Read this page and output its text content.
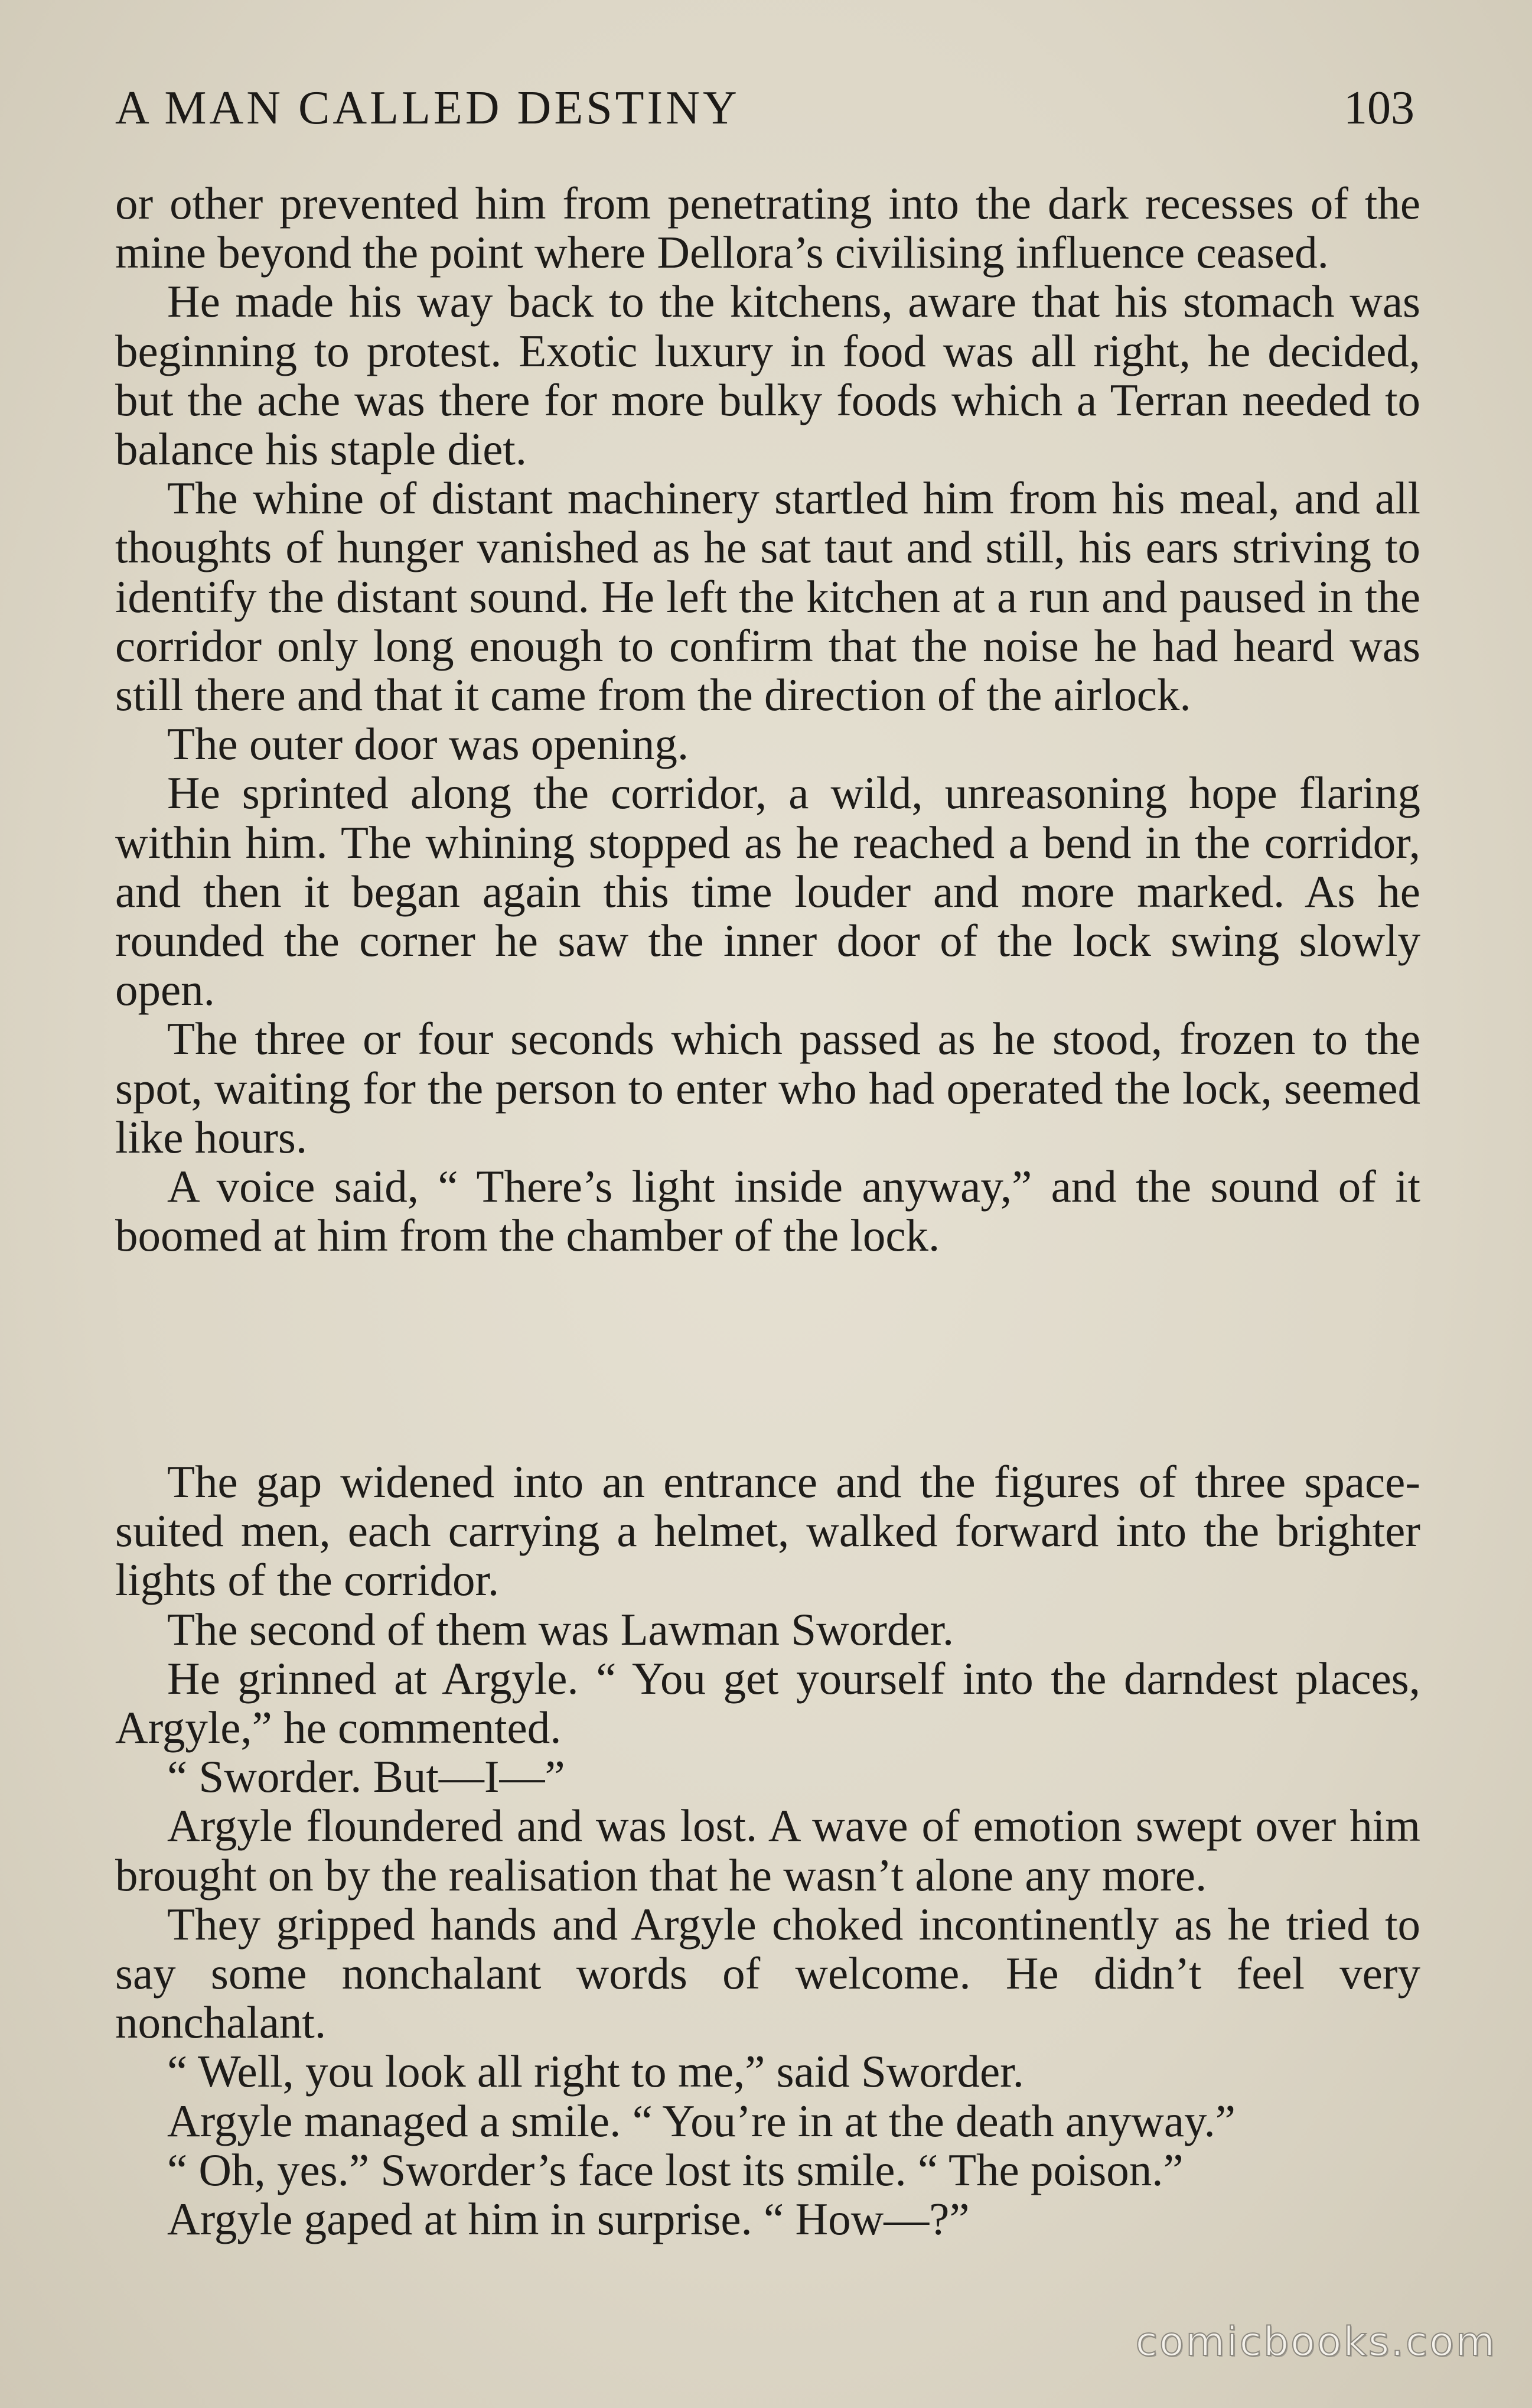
A MAN CALLED DESTINY	103

or other prevented him from penetrating into the dark recesses of the mine beyond the point where Dellora’s civilising influence ceased.

He made his way back to the kitchens, aware that his stomach was beginning to protest. Exotic luxury in food was all right, he decided, but the ache was there for more bulky foods which a Terran needed to balance his staple diet.

The whine of distant machinery startled him from his meal, and all thoughts of hunger vanished as he sat taut and still, his ears striving to identify the distant sound. He left the kitchen at a run and paused in the corridor only long enough to confirm that the noise he had heard was still there and that it came from the direction of the airlock.

The outer door was opening.

He sprinted along the corridor, a wild, unreasoning hope flaring within him. The whining stopped as he reached a bend in the corridor, and then it began again this time louder and more marked. As he rounded the corner he saw the inner door of the lock swing slowly open.

The three or four seconds which passed as he stood, frozen to the spot, waiting for the person to enter who had operated the lock, seemed like hours.

A voice said, “ There’s light inside anyway,” and the sound of it boomed at him from the chamber of the lock.

The gap widened into an entrance and the figures of three space-suited men, each carrying a helmet, walked forward into the brighter lights of the corridor.

The second of them was Lawman Sworder.

He grinned at Argyle. “ You get yourself into the darndest places, Argyle,” he commented.

“ Sworder. But—I—”

Argyle floundered and was lost. A wave of emotion swept over him brought on by the realisation that he wasn’t alone any more.

They gripped hands and Argyle choked incontinently as he tried to say some nonchalant words of welcome. He didn’t feel very nonchalant.

“ Well, you look all right to me,” said Sworder.

Argyle managed a smile. “ You’re in at the death anyway.”

“ Oh, yes.” Sworder’s face lost its smile. “ The poison.”

Argyle gaped at him in surprise. “ How—?”

comicbooks.com
